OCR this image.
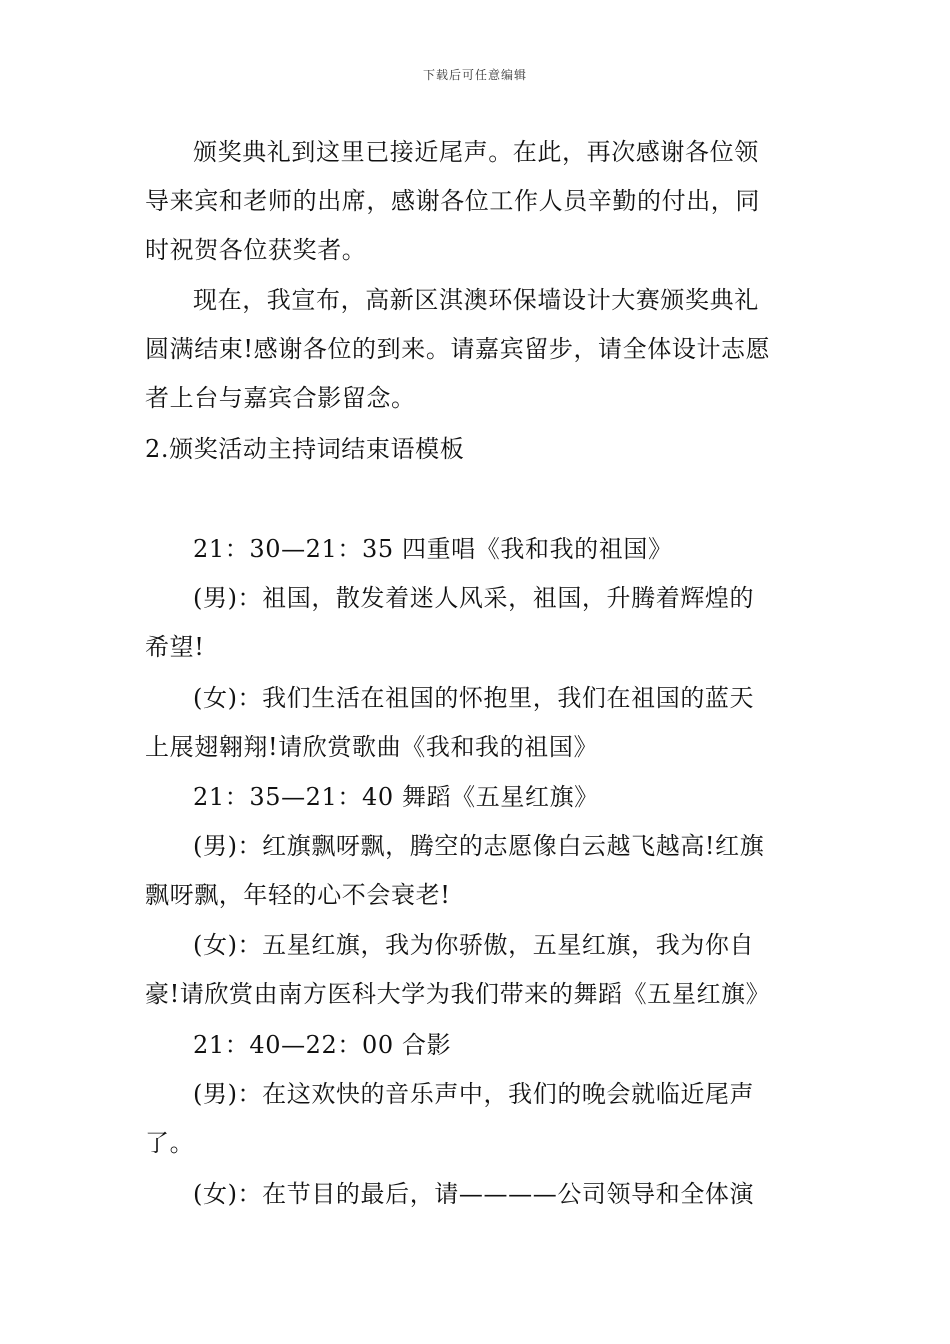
下载后可任意编辑
颁奖典礼到这里已接近尾声。在此，再次感谢各位领
导来宾和老师的出席，感谢各位工作人员辛勤的付出，同
时祝贺各位获奖者。
现在，我宣布，高新区淇澳环保墙设计大赛颁奖典礼
圆满结束!感谢各位的到来。请嘉宾留步，请全体设计志愿
者上台与嘉宾合影留念。
2.颁奖活动主持词结束语模板
21：30—21：35 四重唱《我和我的祖国》
(男)：祖国，散发着迷人风采，祖国，升腾着辉煌的
希望!
(女)：我们生活在祖国的怀抱里，我们在祖国的蓝天
上展翅翱翔!请欣赏歌曲《我和我的祖国》
21：35—21：40 舞蹈《五星红旗》
(男)：红旗飘呀飘，腾空的志愿像白云越飞越高!红旗
飘呀飘，年轻的心不会衰老!
(女)：五星红旗，我为你骄傲，五星红旗，我为你自
豪!请欣赏由南方医科大学为我们带来的舞蹈《五星红旗》
21：40—22：00 合影
(男)：在这欢快的音乐声中，我们的晚会就临近尾声
了。
(女)：在节目的最后，请————公司领导和全体演
